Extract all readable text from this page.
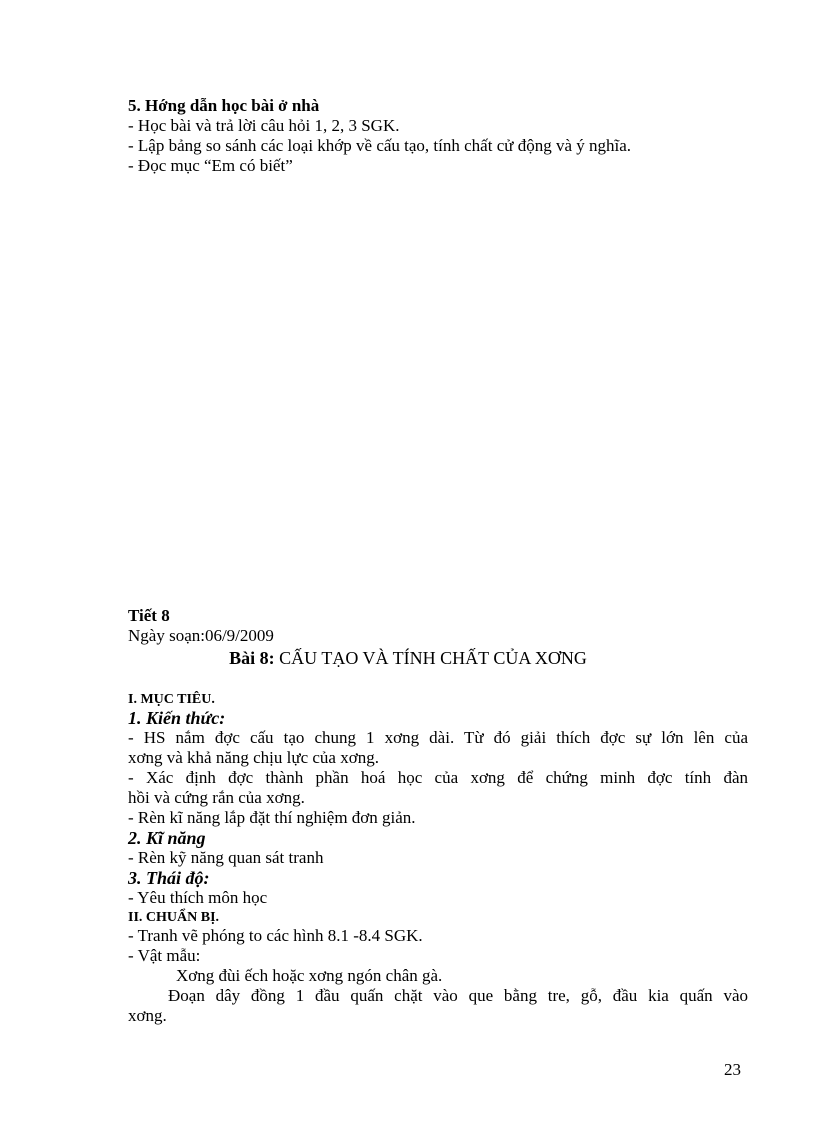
5. Hớng dẫn học bài ở nhà
- Học bài và trả lời câu hỏi 1, 2, 3 SGK.
- Lập bảng so sánh các loại khớp về cấu tạo, tính chất cử động và ý nghĩa.
- Đọc mục “Em có biết”
Tiết 8
Ngày soạn:06/9/2009
Bài 8: CẤU TẠO VÀ TÍNH CHẤT CỦA XƠNG
I. MỤC TIÊU.
1. Kiến thức:
- HS nắm đợc cấu tạo chung 1 xơng dài. Từ đó giải thích đợc sự lớn lên của
xơng và khả năng chịu lực của xơng.
- Xác định đợc thành phần hoá học của xơng để chứng minh đợc tính đàn
hồi và cứng rắn của xơng.
- Rèn kĩ năng lắp đặt thí nghiệm đơn giản.
2. Kĩ năng
- Rèn kỹ năng quan sát tranh
3. Thái độ:
- Yêu thích môn học
II. CHUẨN BỊ.
- Tranh vẽ phóng to các hình 8.1 -8.4 SGK.
- Vật mẫu:
Xơng đùi ếch hoặc xơng ngón chân gà.
Đoạn dây đồng 1 đầu quấn chặt vào que bằng tre, gỗ, đầu kia quấn vào
xơng.
23
